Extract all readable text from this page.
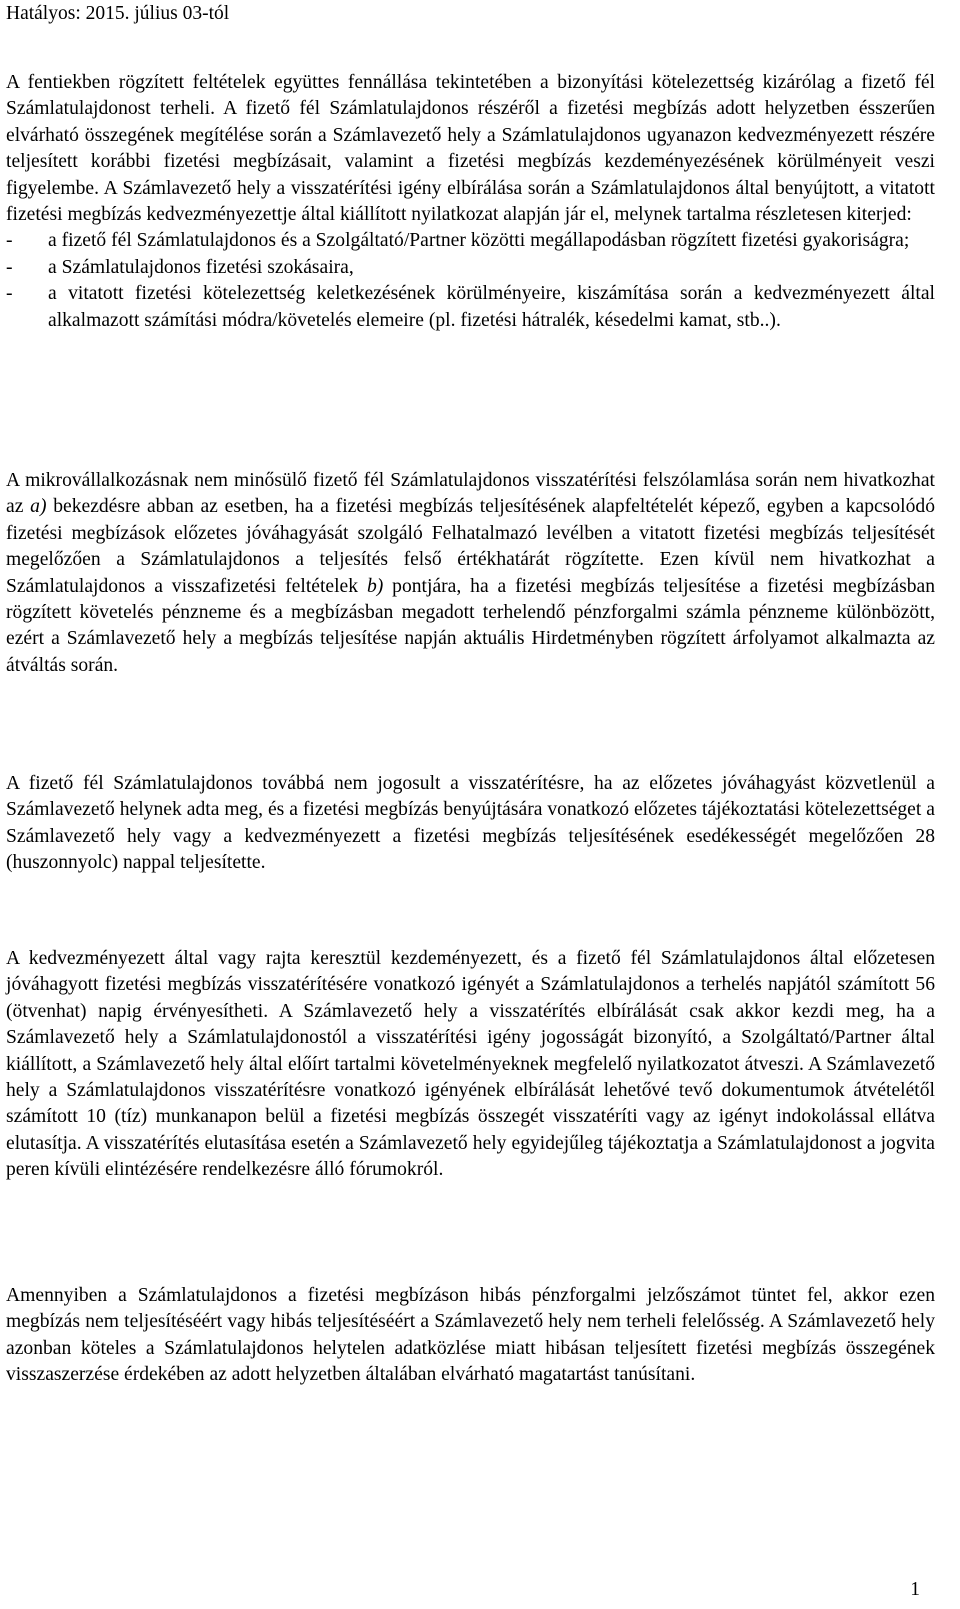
Hatályos: 2015. július 03-tól
A fentiekben rögzített feltételek együttes fennállása tekintetében a bizonyítási kötelezettség kizárólag a fizető fél Számlatulajdonost terheli. A fizető fél Számlatulajdonos részéről a fizetési megbízás adott helyzetben ésszerűen elvárható összegének megítélése során a Számlavezető hely a Számlatulajdonos ugyanazon kedvezményezett részére teljesített korábbi fizetési megbízásait, valamint a fizetési megbízás kezdeményezésének körülményeit veszi figyelembe. A Számlavezető hely a visszatérítési igény elbírálása során a Számlatulajdonos által benyújtott, a vitatott fizetési megbízás kedvezményezettje által kiállított nyilatkozat alapján jár el, melynek tartalma részletesen kiterjed:
-	a fizető fél Számlatulajdonos és a Szolgáltató/Partner közötti megállapodásban rögzített fizetési gyakoriságra;
-	a Számlatulajdonos fizetési szokásaira,
-	a vitatott fizetési kötelezettség keletkezésének körülményeire, kiszámítása során a kedvezményezett által alkalmazott számítási módra/követelés elemeire (pl. fizetési hátralék, késedelmi kamat, stb..).
A mikrovállalkozásnak nem minősülő fizető fél Számlatulajdonos visszatérítési felszólamlása során nem hivatkozhat az a) bekezdésre abban az esetben, ha a fizetési megbízás teljesítésének alapfeltételét képező, egyben a kapcsolódó fizetési megbízások előzetes jóváhagyását szolgáló Felhatalmazó levélben a vitatott fizetési megbízás teljesítését megelőzően a Számlatulajdonos a teljesítés felső értékhatárát rögzítette. Ezen kívül nem hivatkozhat a Számlatulajdonos a visszafizetési feltételek b) pontjára, ha a fizetési megbízás teljesítése a fizetési megbízásban rögzített követelés pénzneme és a megbízásban megadott terhelendő pénzforgalmi számla pénzneme különbözött, ezért a Számlavezető hely a megbízás teljesítése napján aktuális Hirdetményben rögzített árfolyamot alkalmazta az átváltás során.
A fizető fél Számlatulajdonos továbbá nem jogosult a visszatérítésre, ha az előzetes jóváhagyást közvetlenül a Számlavezető helynek adta meg, és a fizetési megbízás benyújtására vonatkozó előzetes tájékoztatási kötelezettséget a Számlavezető hely vagy a kedvezményezett a fizetési megbízás teljesítésének esedékességét megelőzően 28 (huszonnyolc) nappal teljesítette.
A kedvezményezett által vagy rajta keresztül kezdeményezett, és a fizető fél Számlatulajdonos által előzetesen jóváhagyott fizetési megbízás visszatérítésére vonatkozó igényét a Számlatulajdonos a terhelés napjától számított 56 (ötvenhat) napig érvényesítheti. A Számlavezető hely a visszatérítés elbírálását csak akkor kezdi meg, ha a Számlavezető hely a Számlatulajdonostól a visszatérítési igény jogosságát bizonyító, a Szolgáltató/Partner által kiállított, a Számlavezető hely által előírt tartalmi követelményeknek megfelelő nyilatkozatot átveszi. A Számlavezető hely a Számlatulajdonos visszatérítésre vonatkozó igényének elbírálását lehetővé tevő dokumentumok átvételétől számított 10 (tíz) munkanapon belül a fizetési megbízás összegét visszatéríti vagy az igényt indokolással ellátva elutasítja. A visszatérítés elutasítása esetén a Számlavezető hely egyidejűleg tájékoztatja a Számlatulajdonost a jogvita peren kívüli elintézésére rendelkezésre álló fórumokról.
Amennyiben a Számlatulajdonos a fizetési megbízáson hibás pénzforgalmi jelzőszámot tüntet fel, akkor ezen megbízás nem teljesítéséért vagy hibás teljesítéséért a Számlavezető hely nem terheli felelősség. A Számlavezető hely azonban köteles a Számlatulajdonos helytelen adatközlése miatt hibásan teljesített fizetési megbízás összegének visszaszerzése érdekében az adott helyzetben általában elvárható magatartást tanúsítani.
1
